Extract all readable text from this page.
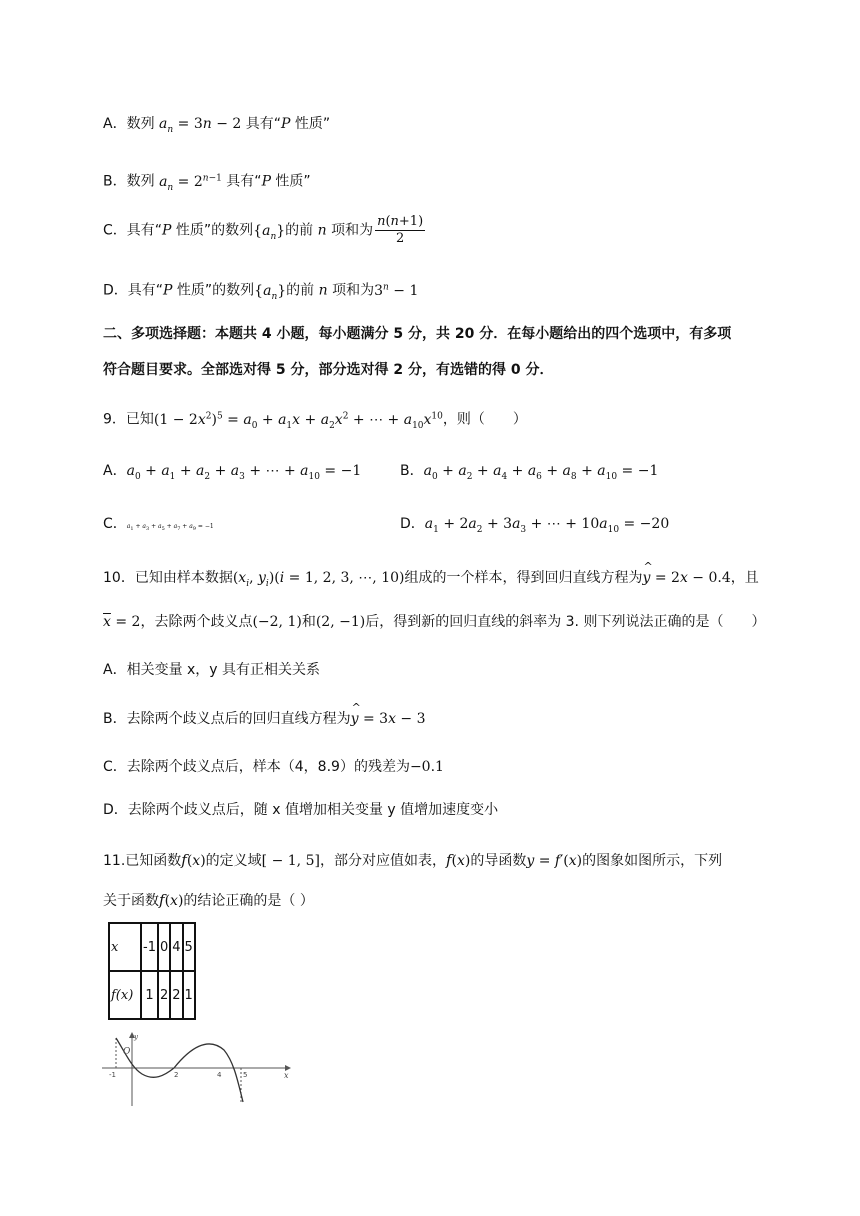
A．数列 $a_n = 3n - 2$ 具有“P 性质”
B．数列 $a_n = 2^{n-1}$ 具有“P 性质”
C．具有“P 性质”的数列$\{a_n\}$的前 n 项和为 $\frac{n(n+1)}{2}$
D．具有“P 性质”的数列$\{a_n\}$的前 n 项和为$3^n - 1$
二、多项选择题：本题共 4 小题，每小题满分 5 分，共 20 分．在每小题给出的四个选项中，有多项
符合题目要求。全部选对得 5 分，部分选对得 2 分，有选错的得 0 分．
9．已知$(1 - 2x^2)^5 = a_0 + a_1x + a_2x^2$ + ⋯ + $a_{10}x^{10}$，则（　　）
A．$a_0 + a_1 + a_2 + a_3$ + ⋯ + $a_{10} = -1$	B．$a_0 + a_2 + a_4 + a_6 + a_8 + a_{10} = -1$
C．$a_1 + a_3 + a_5 + a_7 + a_9 = -1$	D．$a_1 + 2a_2 + 3a_3$ + ⋯ + $10a_{10} = -20$
10．已知由样本数据($x_i$, $y_i)(i = 1$, 2, 3, ⋯, 10)组成的一个样本，得到回归直线方程为^ y = 2x − 0.4，且
$\overline{x} = 2$，去除两个歧义点(−2, 1)和(2, −1)后，得到新的回归直线的斜率为 3. 则下列说法正确的是（　　）
A．相关变量 x，y 具有正相关关系
B．去除两个歧义点后的回归直线方程为^ y = 3x − 3
C．去除两个歧义点后，样本（4，8.9）的残差为−0.1
D．去除两个歧义点后，随 x 值增加相关变量 y 值增加速度变小
11.已知函数f(x)的定义域[ − 1, 5]，部分对应值如表，f(x)的导函数y = f′(x)的图象如图所示，下列
关于函数f(x)的结论正确的是（ ）
x	-1	0	4	5
f(x)	1	2	2	1
y
x
O
-1	2	4	5
